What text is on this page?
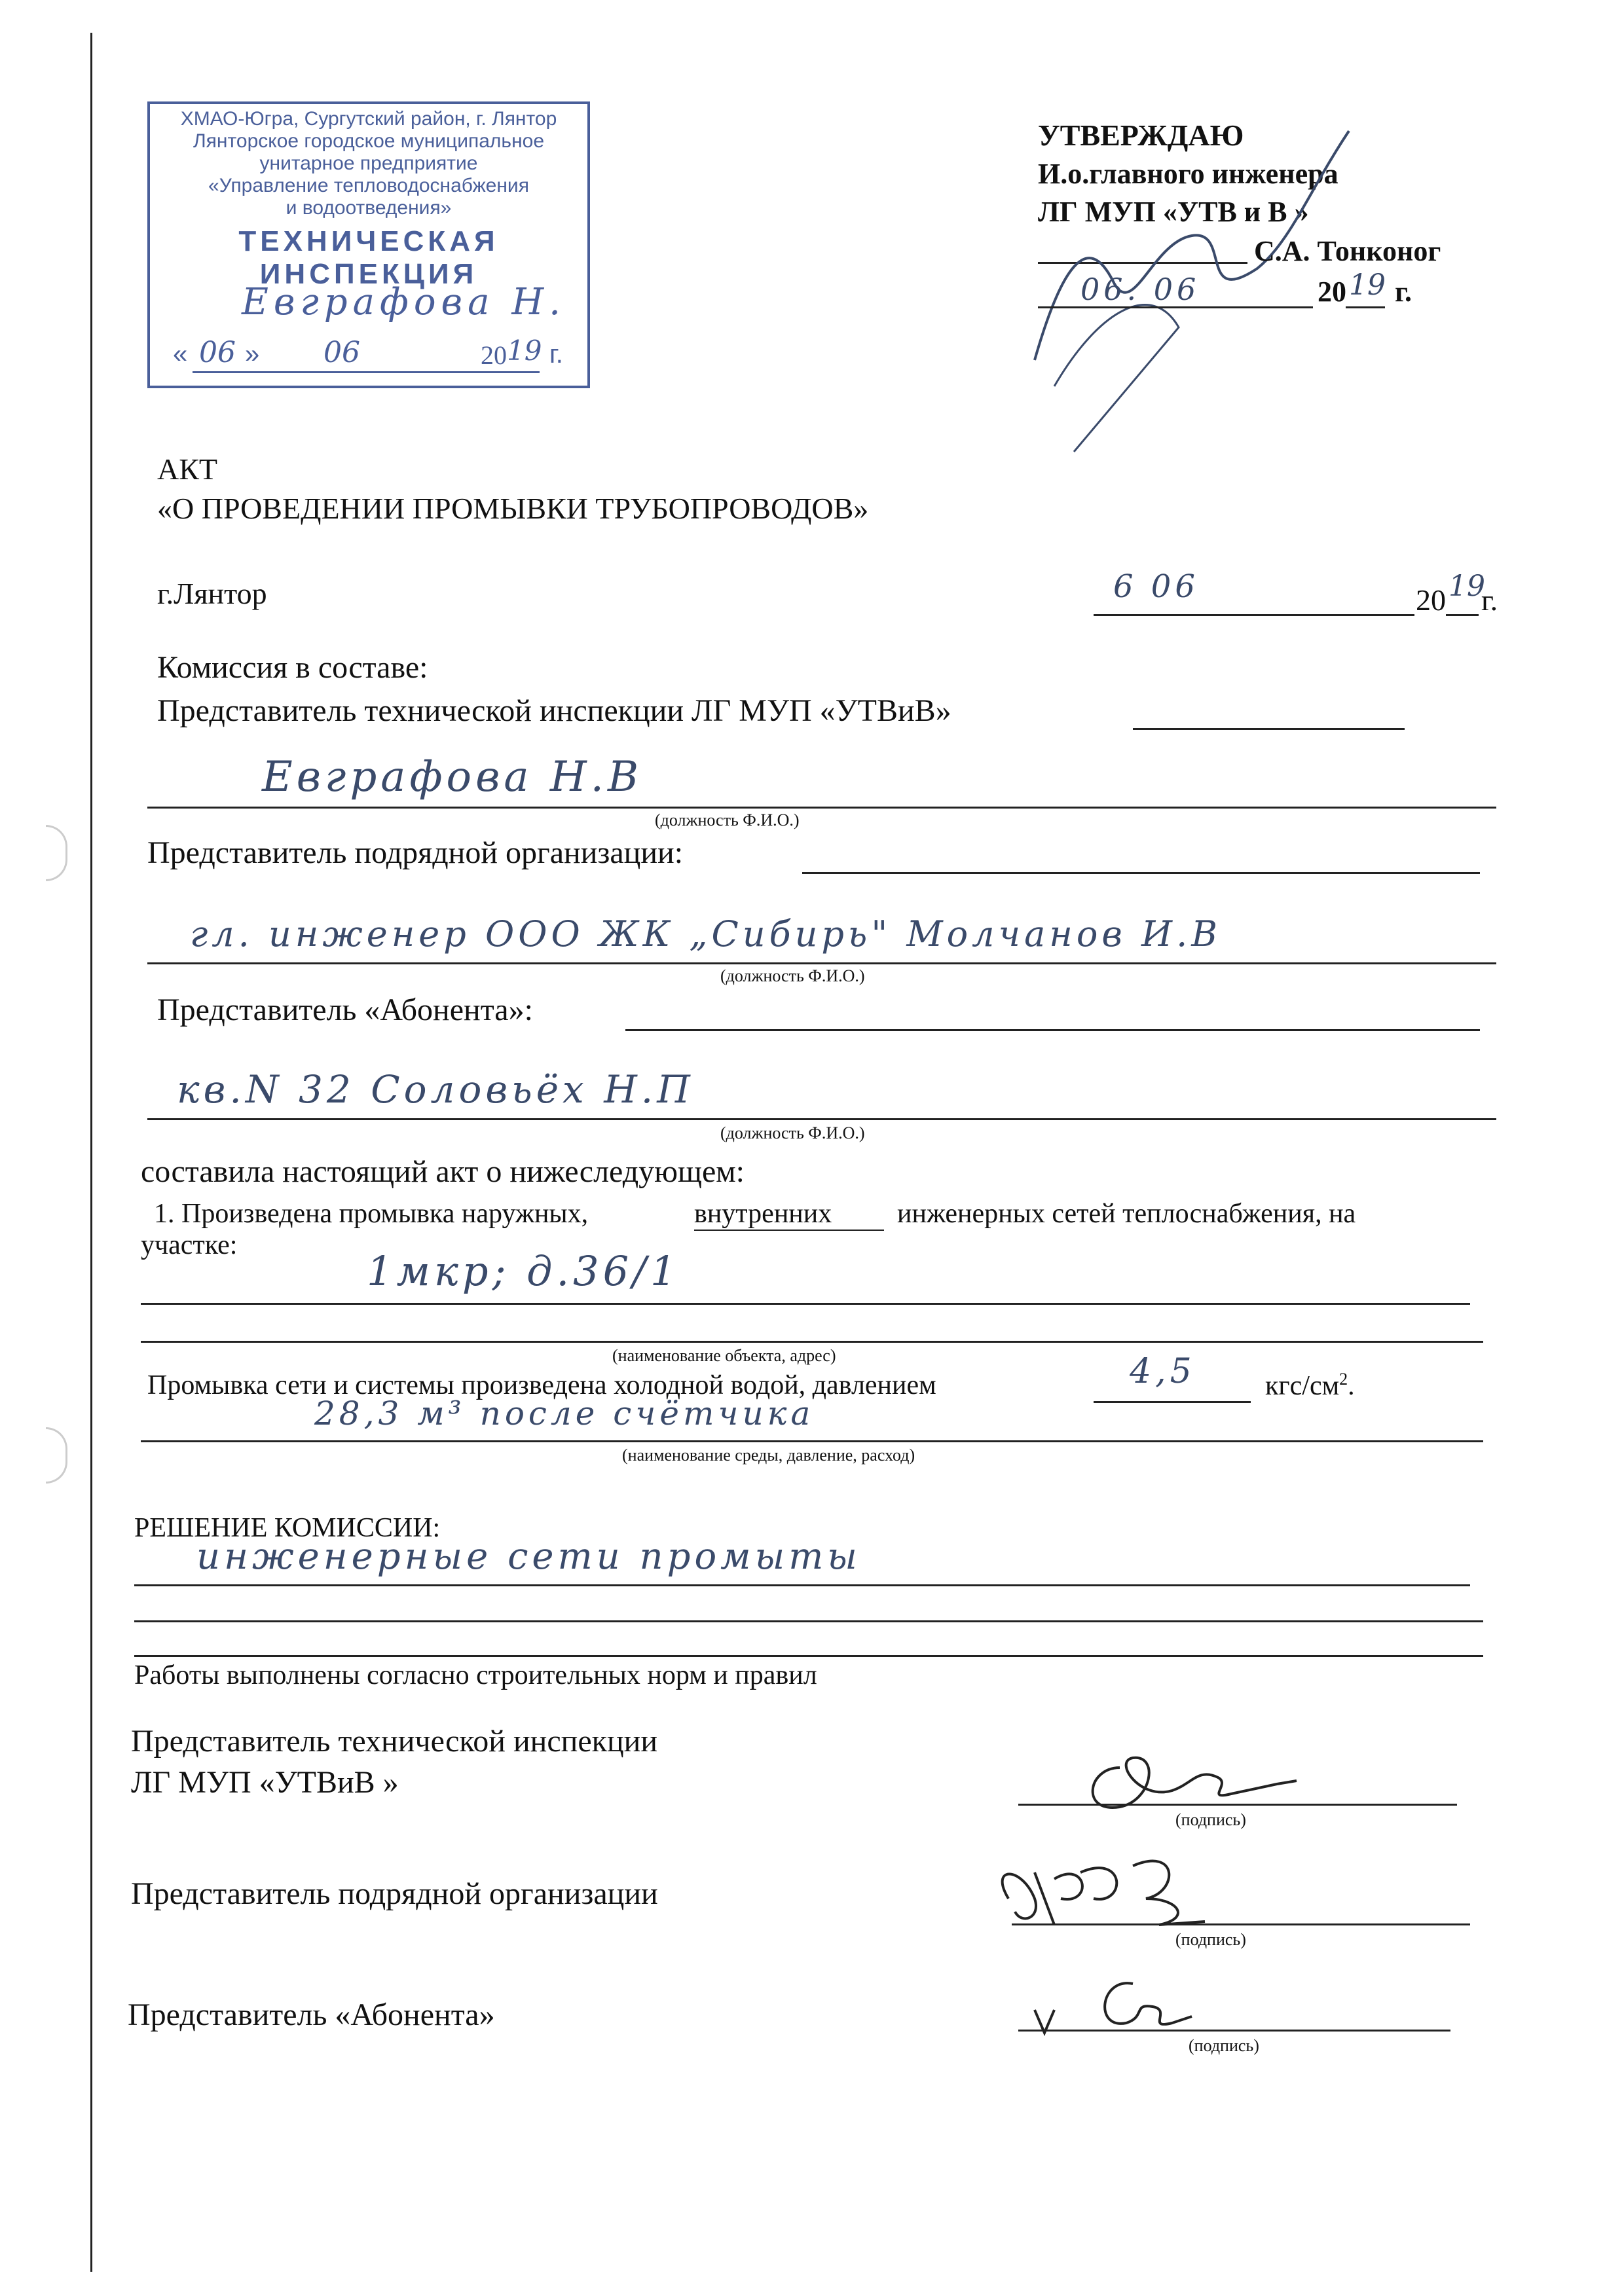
ХМАО-Югра, Сургутский район, г. Лянтор
Лянторское городское муниципальное
унитарное предприятие
«Управление тепловодоснабжения
и водоотведения»
ТЕХНИЧЕСКАЯ ИНСПЕКЦИЯ
Евграфова Н.
« 06 » 06	20 19 г.
УТВЕРЖДАЮ
И.о.главного инженера
ЛГ МУП «УТВ и В »
С.А. Тонконог
06. 06	20 19 г.
АКТ
«О ПРОВЕДЕНИИ ПРОМЫВКИ ТРУБОПРОВОДОВ»
г.Лянтор	6 06	20 19
г.
Комиссия в составе:
Представитель технической инспекции ЛГ МУП «УТВиВ»
Евграфова Н.В
(должность Ф.И.О.)
Представитель подрядной организации:
гл. инженер ООО ЖК „Сибирь" Молчанов И.В
(должность Ф.И.О.)
Представитель «Абонента»:
кв.N 32 Соловьёх Н.П
(должность Ф.И.О.)
составила настоящий акт о нижеследующем:
1. Произведена промывка наружных,	внутренних инженерных сетей теплоснабжения, на
участке:
1мкр; д.36/1
(наименование объекта, адрес)
Промывка сети и системы произведена холодной водой, давлением	4,5	кгс/$см^2$.
28,3 м³ после счётчика
(наименование среды, давление, расход)
РЕШЕНИЕ КОМИССИИ:
инженерные сети промыты
Работы выполнены согласно строительных норм и правил
Представитель технической инспекции
ЛГ МУП «УТВиВ »
(подпись)
Представитель подрядной организации
(подпись)
Представитель «Абонента»
(подпись)
